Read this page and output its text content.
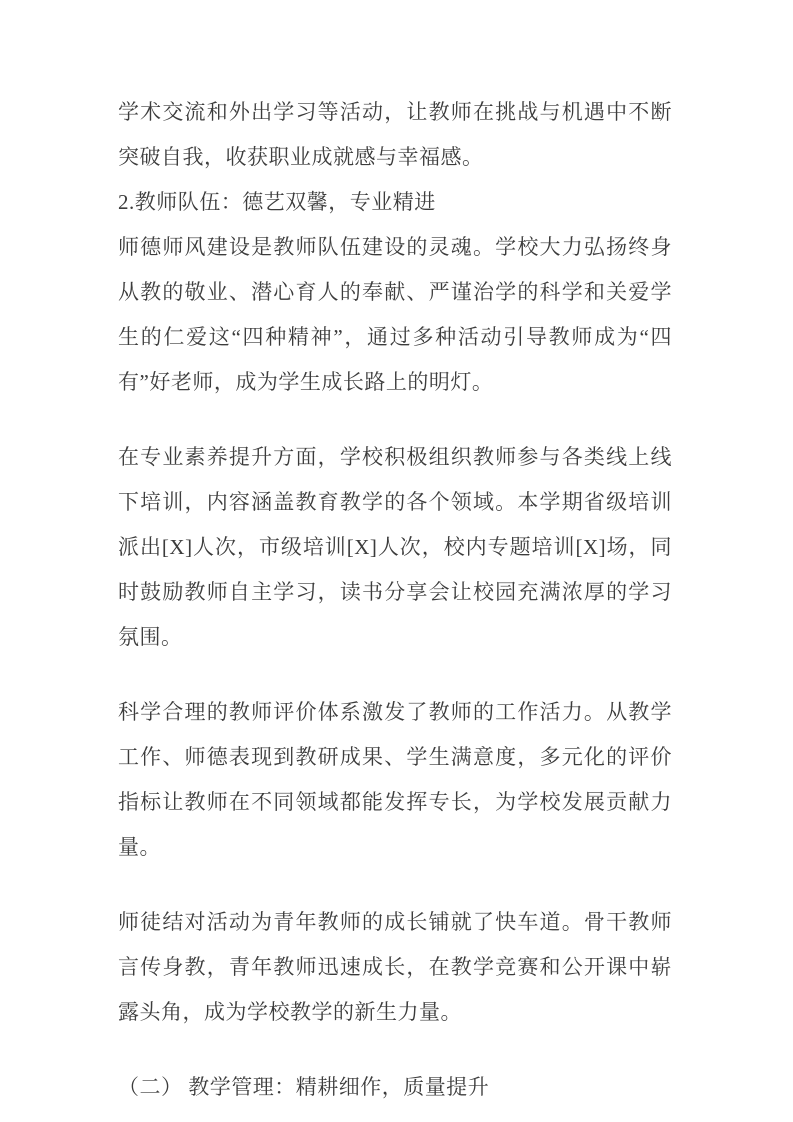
学术交流和外出学习等活动，让教师在挑战与机遇中不断突破自我，收获职业成就感与幸福感。

2.教师队伍：德艺双馨，专业精进

师德师风建设是教师队伍建设的灵魂。学校大力弘扬终身从教的敬业、潜心育人的奉献、严谨治学的科学和关爱学生的仁爱这“四种精神”，通过多种活动引导教师成为“四有”好老师，成为学生成长路上的明灯。

在专业素养提升方面，学校积极组织教师参与各类线上线下培训，内容涵盖教育教学的各个领域。本学期省级培训派出[X]人次，市级培训[X]人次，校内专题培训[X]场，同时鼓励教师自主学习，读书分享会让校园充满浓厚的学习氛围。

科学合理的教师评价体系激发了教师的工作活力。从教学工作、师德表现到教研成果、学生满意度，多元化的评价指标让教师在不同领域都能发挥专长，为学校发展贡献力量。

师徒结对活动为青年教师的成长铺就了快车道。骨干教师言传身教，青年教师迅速成长，在教学竞赛和公开课中崭露头角，成为学校教学的新生力量。

（二） 教学管理：精耕细作，质量提升
